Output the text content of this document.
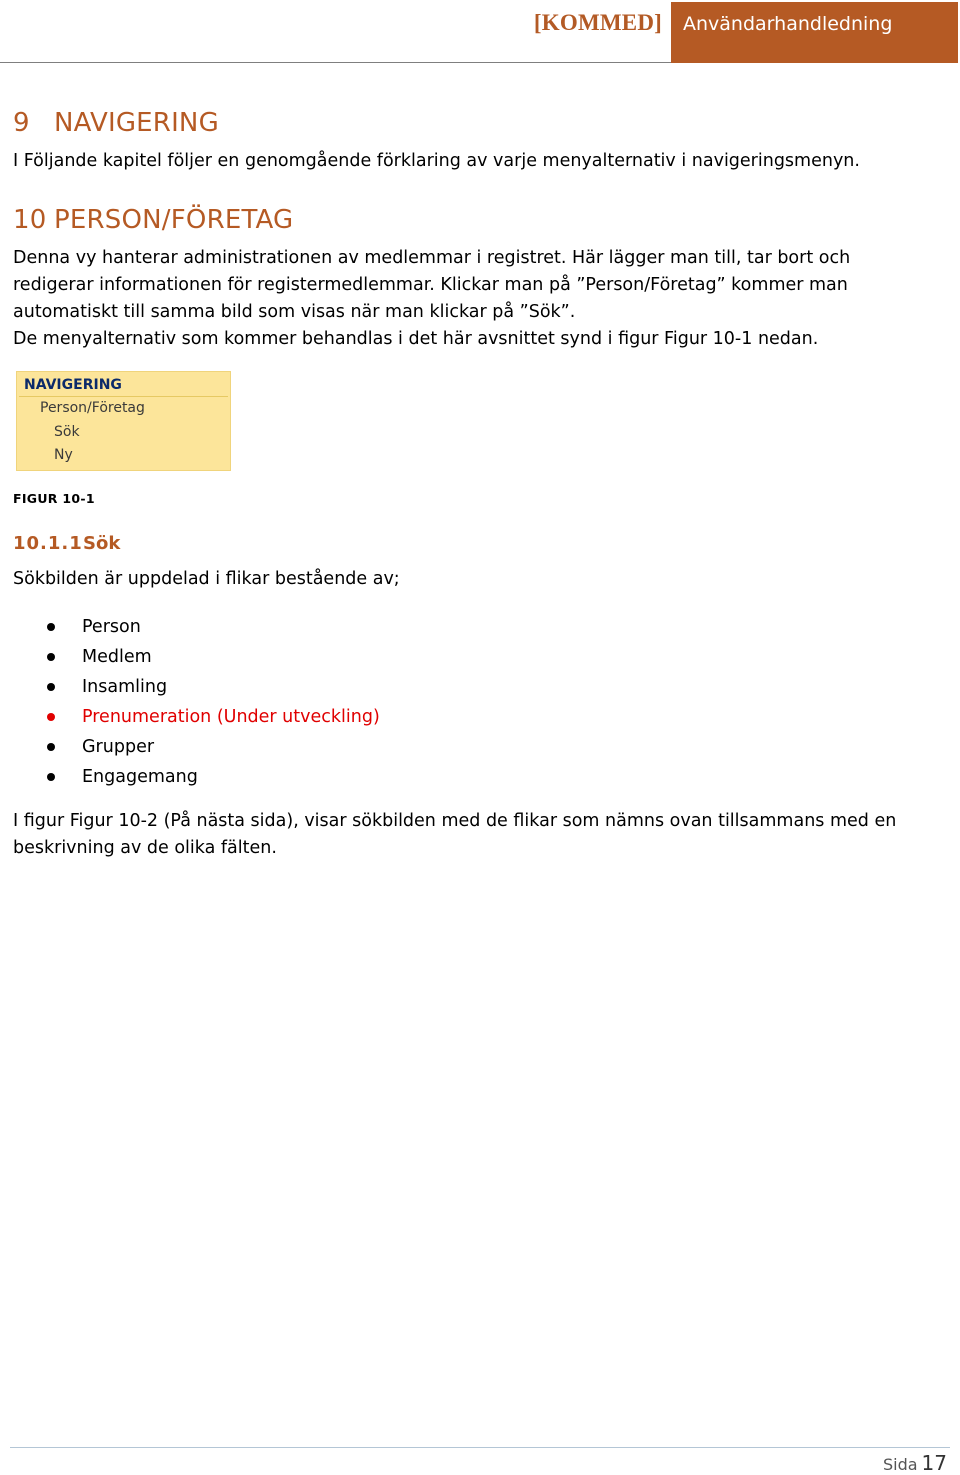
[KOMMED]	Användarhandledning
9 NAVIGERING

I Följande kapitel följer en genomgående förklaring av varje menyalternativ i navigeringsmenyn.

10 PERSON/FÖRETAG

Denna vy hanterar administrationen av medlemmar i registret. Här lägger man till, tar bort och redigerar informationen för registermedlemmar. Klickar man på ”Person/Företag” kommer man automatiskt till samma bild som visas när man klickar på ”Sök”.

De menyalternativ som kommer behandlas i det här avsnittet synd i figur Figur 10-1 nedan.

NAVIGERING
Person/Företag
Sök
Ny
FIGUR 10-1
10.1.1Sök

Sökbilden är uppdelad i flikar bestående av;

Person
Medlem
Insamling
Prenumeration (Under utveckling)
Grupper
Engagemang

I figur Figur 10-2 (På nästa sida), visar sökbilden med de flikar som nämns ovan tillsammans med en beskrivning av de olika fälten.

Sida 17
